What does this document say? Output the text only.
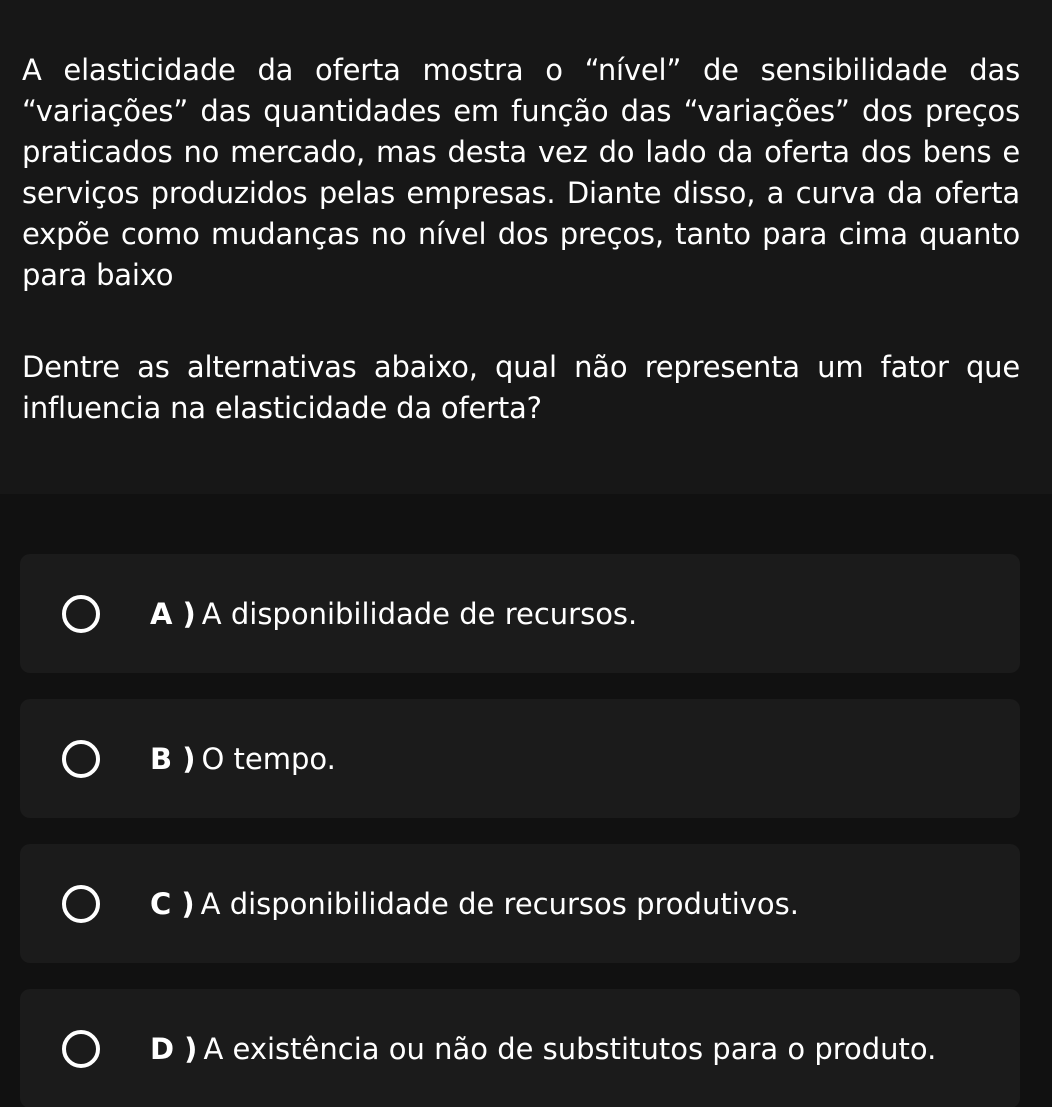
A elasticidade da oferta mostra o “nível” de sensibilidade das “variações” das quantidades em função das “variações” dos preços praticados no mercado, mas desta vez do lado da oferta dos bens e serviços produzidos pelas empresas. Diante disso, a curva da oferta expõe como mudanças no nível dos preços, tanto para cima quanto para baixo

Dentre as alternativas abaixo, qual não representa um fator que influencia na elasticidade da oferta?

A ) A disponibilidade de recursos.
B ) O tempo.
C ) A disponibilidade de recursos produtivos.
D ) A existência ou não de substitutos para o produto.
